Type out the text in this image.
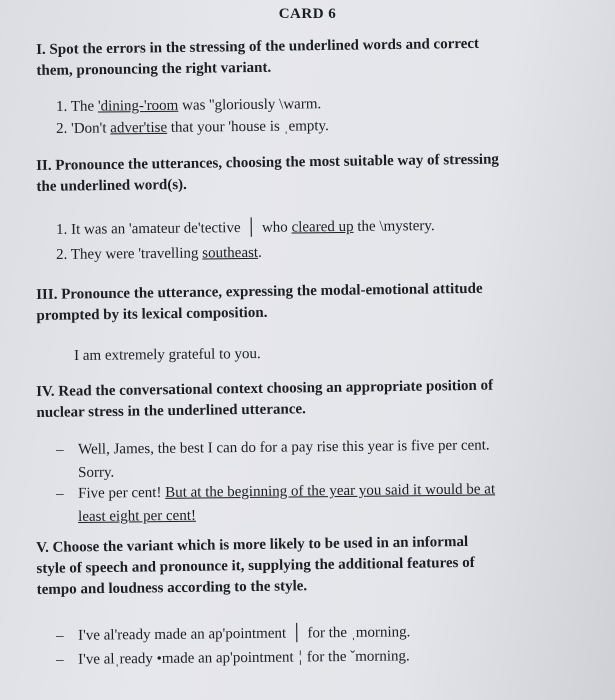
CARD 6
I. Spot the errors in the stressing of the underlined words and correct
them, pronouncing the right variant.
1. The 'dining-'room was ''gloriously \warm.
2. 'Don't adver'tise that your 'house is ˌempty.
II. Pronounce the utterances, choosing the most suitable way of stressing
the underlined word(s).
1. It was an 'amateur de'tective │ who cleared up the \mystery.
2. They were 'travelling southeast.
III. Pronounce the utterance, expressing the modal-emotional attitude
prompted by its lexical composition.
I am extremely grateful to you.
IV. Read the conversational context choosing an appropriate position of
nuclear stress in the underlined utterance.
– Well, James, the best I can do for a pay rise this year is five per cent.
Sorry.
– Five per cent! But at the beginning of the year you said it would be at
least eight per cent!
V. Choose the variant which is more likely to be used in an informal
style of speech and pronounce it, supplying the additional features of
tempo and loudness according to the style.
– I've al'ready made an ap'pointment │ for the ˌmorning.
– I've alˌready •made an ap'pointment ¦ for the ˇmorning.
